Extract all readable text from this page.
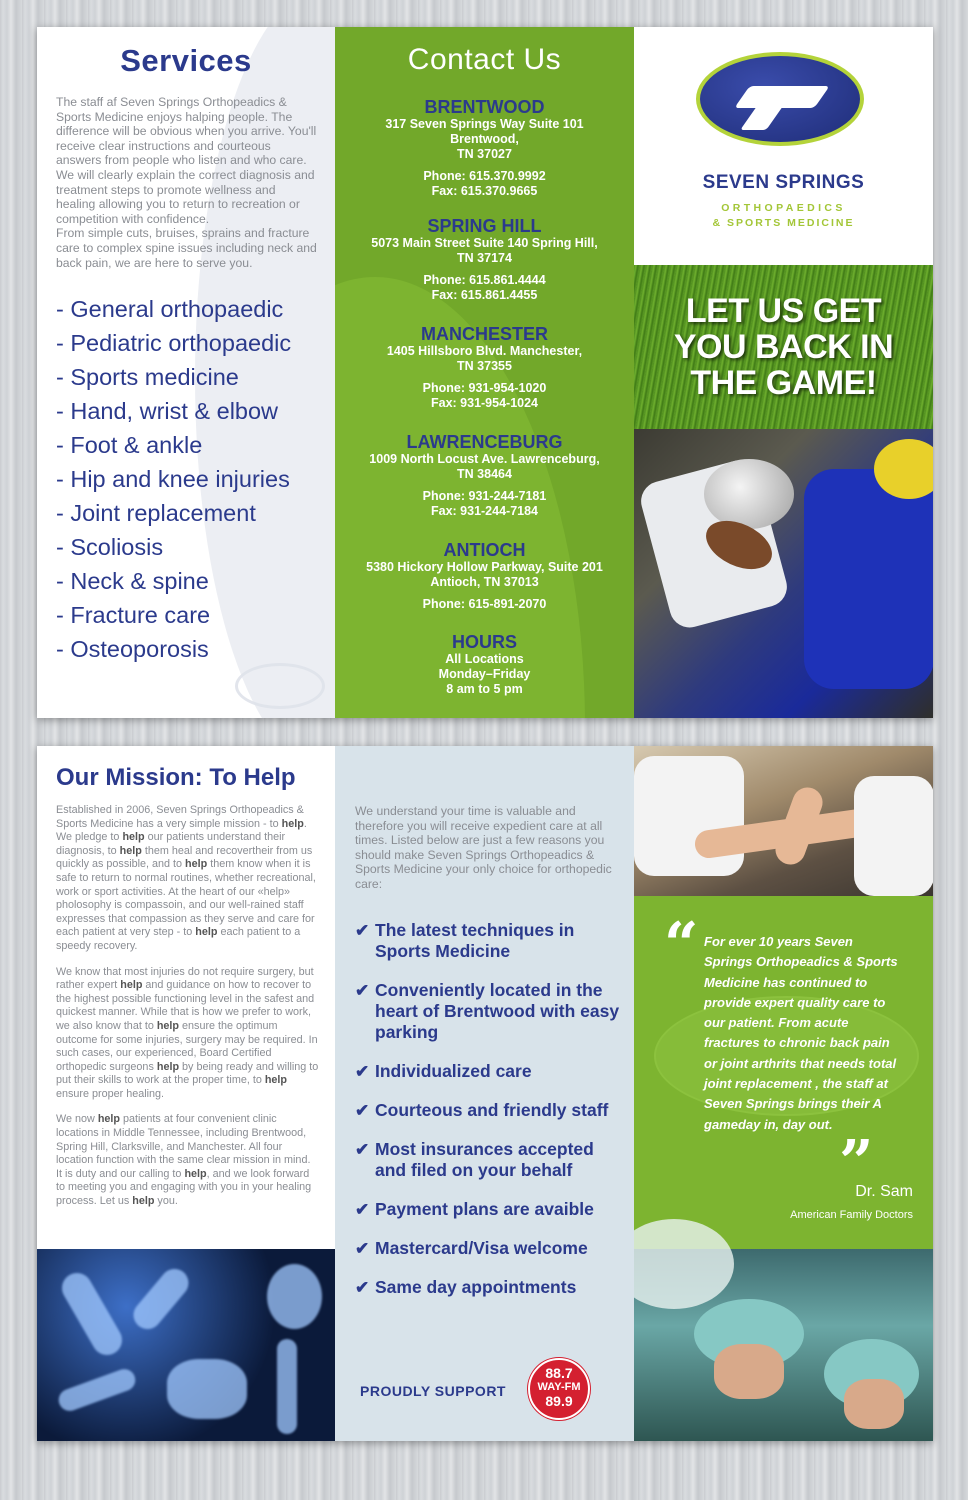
Services

The staff af Seven Springs Orthopeadics & Sports Medicine enjoys halping people. The difference will be obvious when you arrive. You'll receive clear instructions and courteous answers from people who listen and who care. We will clearly explain the correct diagnosis and treatment steps to promote wellness and healing allowing you to return to recreation or competition with confidence.
From simple cuts, bruises, sprains and fracture care to complex spine issues including neck and back pain, we are here to serve you.

- General orthopaedic
- Pediatric orthopaedic
- Sports medicine
- Hand, wrist & elbow
- Foot & ankle
- Hip and knee injuries
- Joint replacement
- Scoliosis
- Neck & spine
- Fracture care
- Osteoporosis
Contact Us
BRENTWOOD
317 Seven Springs Way Suite 101
Brentwood,
TN 37027
Phone: 615.370.9992
Fax: 615.370.9665
SPRING HILL
5073 Main Street Suite 140 Spring Hill,
TN 37174
Phone: 615.861.4444
Fax: 615.861.4455
MANCHESTER
1405 Hillsboro Blvd. Manchester,
TN 37355
Phone: 931-954-1020
Fax: 931-954-1024
LAWRENCEBURG
1009 North Locust Ave. Lawrenceburg,
TN 38464
Phone: 931-244-7181
Fax: 931-244-7184
ANTIOCH
5380 Hickory Hollow Parkway, Suite 201
Antioch, TN 37013
Phone: 615-891-2070
HOURS
All Locations
Monday–Friday
8 am to 5 pm
SEVEN SPRINGS
ORTHOPAEDICS
& SPORTS MEDICINE
LET US GET
YOU BACK IN
THE GAME!
Our Mission: To Help

Established in 2006, Seven Springs Orthopeadics & Sports Medicine has a very simple mission - to help. We pledge to help our patients understand their diagnosis, to help them heal and recoverthеir from us quickly as possible, and to help them know when it is safe to return to normal routines, whether recreational, work or sport activities. At the heart of our «help» pholosophy is compassoin, and our well-rained staff expresses that compassion as they serve and care for each patient at very step - to help each patient to a speedy recovery.

We know that most injuries do not require surgery, but rather expert help and guidance on how to recover to the highest possible functioning level in the safest and quickest manner. While that is how we prefer to work, we also know that to help ensure the optimum outcome for some injuries, surgery may be required. In such cases, our experienced, Board Certified orthopedic surgeons help by being ready and willing to put their skills to work at the proper time, to help ensure proper healing.

We now help patients at four convenient clinic locations in Middle Tennessee, including Brentwood, Spring Hill, Clarksville, and Manchester. All four location function with the same clear mission in mind. It is duty and our calling to help, and we look forward to meeting you and engaging with you in your healing process. Let us help you.

We understand your time is valuable and therefore you will receive expedient care at all times. Listed below are just a few reasons you should make Seven Springs Orthopeadics & Sports Medicine your only choice for orthopedic care:

✔ The latest techniques in Sports Medicine
✔ Conveniently located in the heart of Brentwood with easy parking
✔ Individualized care
✔ Courteous and friendly staff
✔ Most insurances accepted and filed on your behalf
✔ Payment plans are avaible
✔ Mastercard/Visa welcome
✔ Same day appointments
PROUDLY SUPPORT
88.7
WAY-FM
89.9
“ For ever 10 years Seven Springs Orthopeadics & Sports Medicine has continued to provide expert quality care to our patient. From acute fractures to chronic back pain or joint arthrits that needs total joint replacement , the staff at Seven Springs brings their A gameday in, day out.
”
Dr. Sam
American Family Doctors
